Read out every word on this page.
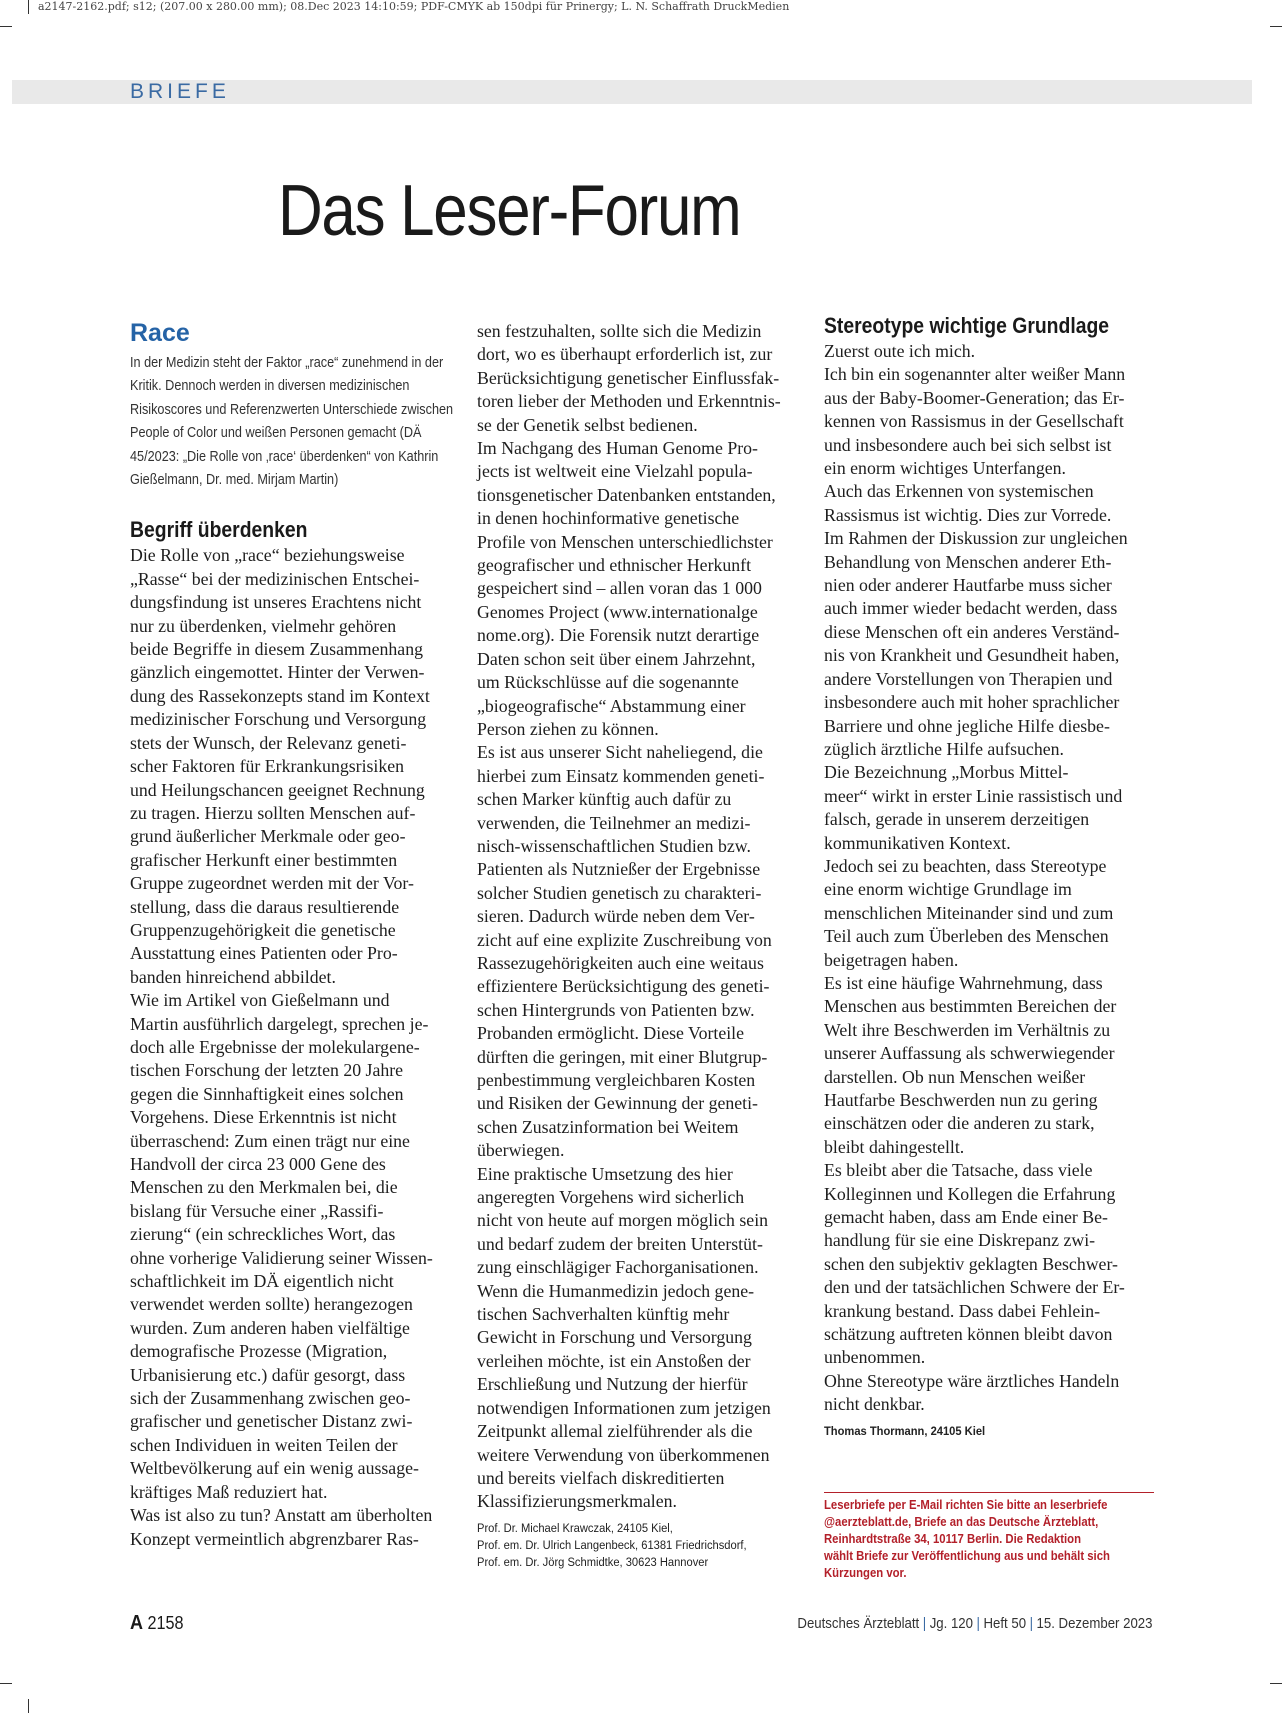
a2147-2162.pdf; s12; (207.00 x 280.00 mm); 08.Dec 2023 14:10:59; PDF-CMYK ab 150dpi für Prinergy; L. N. Schaffrath DruckMedien
BRIEFE
Das Leser-Forum
Race

In der Medizin steht der Faktor „race“ zunehmend in der Kritik. Dennoch werden in diversen medizinischen Risikoscores und Referenzwerten Unterschiede zwischen People of Color und weißen Personen gemacht (DÄ 45/2023: „Die Rolle von ‚race‘ überdenken“ von Kathrin Gießelmann, Dr. med. Mirjam Martin)

Begriff überdenken

Die Rolle von „race“ beziehungsweise
„Rasse“ bei der medizinischen Entschei-
dungsfindung ist unseres Erachtens nicht
nur zu überdenken, vielmehr gehören
beide Begriffe in diesem Zusammenhang
gänzlich eingemottet. Hinter der Verwen-
dung des Rassekonzepts stand im Kontext
medizinischer Forschung und Versorgung
stets der Wunsch, der Relevanz geneti-
scher Faktoren für Erkrankungsrisiken
und Heilungschancen geeignet Rechnung
zu tragen. Hierzu sollten Menschen auf-
grund äußerlicher Merkmale oder geo-
grafischer Herkunft einer bestimmten
Gruppe zugeordnet werden mit der Vor-
stellung, dass die daraus resultierende
Gruppenzugehörigkeit die genetische
Ausstattung eines Patienten oder Pro-
banden hinreichend abbildet.
Wie im Artikel von Gießelmann und
Martin ausführlich dargelegt, sprechen je-
doch alle Ergebnisse der molekulargene-
tischen Forschung der letzten 20 Jahre
gegen die Sinnhaftigkeit eines solchen
Vorgehens. Diese Erkenntnis ist nicht
überraschend: Zum einen trägt nur eine
Handvoll der circa 23 000 Gene des
Menschen zu den Merkmalen bei, die
bislang für Versuche einer „Rassifi-
zierung“ (ein schreckliches Wort, das
ohne vorherige Validierung seiner Wissen-
schaftlichkeit im DÄ eigentlich nicht
verwendet werden sollte) herangezogen
wurden. Zum anderen haben vielfältige
demografische Prozesse (Migration,
Urbanisierung etc.) dafür gesorgt, dass
sich der Zusammenhang zwischen geo-
grafischer und genetischer Distanz zwi-
schen Individuen in weiten Teilen der
Weltbevölkerung auf ein wenig aussage-
kräftiges Maß reduziert hat.
Was ist also zu tun? Anstatt am überholten
Konzept vermeintlich abgrenzbarer Ras-

sen festzuhalten, sollte sich die Medizin
dort, wo es überhaupt erforderlich ist, zur
Berücksichtigung genetischer Einflussfak-
toren lieber der Methoden und Erkenntnis-
se der Genetik selbst bedienen.
Im Nachgang des Human Genome Pro-
jects ist weltweit eine Vielzahl popula-
tionsgenetischer Datenbanken entstanden,
in denen hochinformative genetische
Profile von Menschen unterschiedlichster
geografischer und ethnischer Herkunft
gespeichert sind – allen voran das 1 000
Genomes Project (www.internationalge
nome.org). Die Forensik nutzt derartige
Daten schon seit über einem Jahrzehnt,
um Rückschlüsse auf die sogenannte
„biogeografische“ Abstammung einer
Person ziehen zu können.
Es ist aus unserer Sicht naheliegend, die
hierbei zum Einsatz kommenden geneti-
schen Marker künftig auch dafür zu
verwenden, die Teilnehmer an medizi-
nisch-wissenschaftlichen Studien bzw.
Patienten als Nutznießer der Ergebnisse
solcher Studien genetisch zu charakteri-
sieren. Dadurch würde neben dem Ver-
zicht auf eine explizite Zuschreibung von
Rassezugehörigkeiten auch eine weitaus
effizientere Berücksichtigung des geneti-
schen Hintergrunds von Patienten bzw.
Probanden ermöglicht. Diese Vorteile
dürften die geringen, mit einer Blutgrup-
penbestimmung vergleichbaren Kosten
und Risiken der Gewinnung der geneti-
schen Zusatzinformation bei Weitem
überwiegen.
Eine praktische Umsetzung des hier
angeregten Vorgehens wird sicherlich
nicht von heute auf morgen möglich sein
und bedarf zudem der breiten Unterstüt-
zung einschlägiger Fachorganisationen.
Wenn die Humanmedizin jedoch gene-
tischen Sachverhalten künftig mehr
Gewicht in Forschung und Versorgung
verleihen möchte, ist ein Anstoßen der
Erschließung und Nutzung der hierfür
notwendigen Informationen zum jetzigen
Zeitpunkt allemal zielführender als die
weitere Verwendung von überkommenen
und bereits vielfach diskreditierten
Klassifizierungsmerkmalen.

Prof. Dr. Michael Krawczak, 24105 Kiel,
Prof. em. Dr. Ulrich Langenbeck, 61381 Friedrichsdorf,
Prof. em. Dr. Jörg Schmidtke, 30623 Hannover

Stereotype wichtige Grundlage

Zuerst oute ich mich.
Ich bin ein sogenannter alter weißer Mann
aus der Baby-Boomer-Generation; das Er-
kennen von Rassismus in der Gesellschaft
und insbesondere auch bei sich selbst ist
ein enorm wichtiges Unterfangen.
Auch das Erkennen von systemischen
Rassismus ist wichtig. Dies zur Vorrede.
Im Rahmen der Diskussion zur ungleichen
Behandlung von Menschen anderer Eth-
nien oder anderer Hautfarbe muss sicher
auch immer wieder bedacht werden, dass
diese Menschen oft ein anderes Verständ-
nis von Krankheit und Gesundheit haben,
andere Vorstellungen von Therapien und
insbesondere auch mit hoher sprachlicher
Barriere und ohne jegliche Hilfe diesbe-
züglich ärztliche Hilfe aufsuchen.
Die Bezeichnung „Morbus Mittel-
meer“ wirkt in erster Linie rassistisch und
falsch, gerade in unserem derzeitigen
kommunikativen Kontext.
Jedoch sei zu beachten, dass Stereotype
eine enorm wichtige Grundlage im
menschlichen Miteinander sind und zum
Teil auch zum Überleben des Menschen
beigetragen haben.
Es ist eine häufige Wahrnehmung, dass
Menschen aus bestimmten Bereichen der
Welt ihre Beschwerden im Verhältnis zu
unserer Auffassung als schwerwiegender
darstellen. Ob nun Menschen weißer
Hautfarbe Beschwerden nun zu gering
einschätzen oder die anderen zu stark,
bleibt dahingestellt.
Es bleibt aber die Tatsache, dass viele
Kolleginnen und Kollegen die Erfahrung
gemacht haben, dass am Ende einer Be-
handlung für sie eine Diskrepanz zwi-
schen den subjektiv geklagten Beschwer-
den und der tatsächlichen Schwere der Er-
krankung bestand. Dass dabei Fehlein-
schätzung auftreten können bleibt davon
unbenommen.
Ohne Stereotype wäre ärztliches Handeln
nicht denkbar.

Thomas Thormann, 24105 Kiel

Leserbriefe per E-Mail richten Sie bitte an leserbriefe
@aerzteblatt.de, Briefe an das Deutsche Ärzteblatt,
Reinhardtstraße 34, 10117 Berlin. Die Redaktion
wählt Briefe zur Veröffentlichung aus und behält sich
Kürzungen vor.
A 2158	Deutsches Ärzteblatt | Jg. 120 | Heft 50 | 15. Dezember 2023
